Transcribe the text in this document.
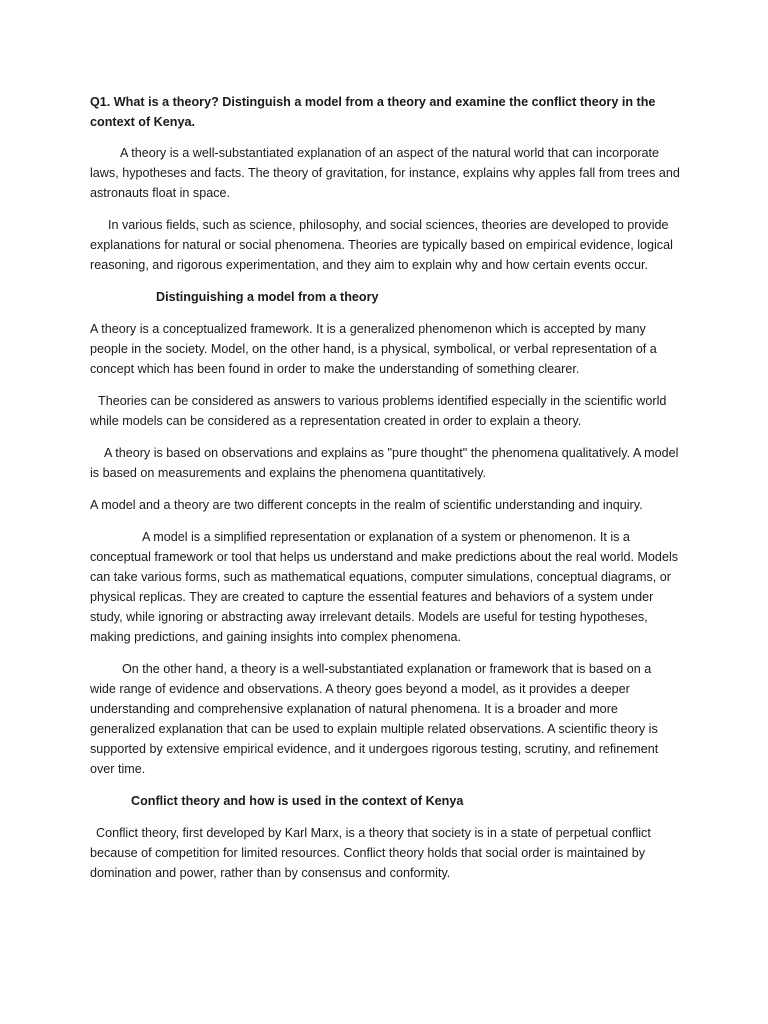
Q1. What is a theory? Distinguish a model from a theory and examine the conflict theory in the context of Kenya.

A theory is a well-substantiated explanation of an aspect of the natural world that can incorporate laws, hypotheses and facts. The theory of gravitation, for instance, explains why apples fall from trees and astronauts float in space.

In various fields, such as science, philosophy, and social sciences, theories are developed to provide explanations for natural or social phenomena. Theories are typically based on empirical evidence, logical reasoning, and rigorous experimentation, and they aim to explain why and how certain events occur.

Distinguishing a model from a theory

A theory is a conceptualized framework. It is a generalized phenomenon which is accepted by many people in the society. Model, on the other hand, is a physical, symbolical, or verbal representation of a concept which has been found in order to make the understanding of something clearer.

Theories can be considered as answers to various problems identified especially in the scientific world while models can be considered as a representation created in order to explain a theory.

A theory is based on observations and explains as "pure thought" the phenomena qualitatively. A model is based on measurements and explains the phenomena quantitatively.

A model and a theory are two different concepts in the realm of scientific understanding and inquiry.

A model is a simplified representation or explanation of a system or phenomenon. It is a conceptual framework or tool that helps us understand and make predictions about the real world. Models can take various forms, such as mathematical equations, computer simulations, conceptual diagrams, or physical replicas. They are created to capture the essential features and behaviors of a system under study, while ignoring or abstracting away irrelevant details. Models are useful for testing hypotheses, making predictions, and gaining insights into complex phenomena.

On the other hand, a theory is a well-substantiated explanation or framework that is based on a wide range of evidence and observations. A theory goes beyond a model, as it provides a deeper understanding and comprehensive explanation of natural phenomena. It is a broader and more generalized explanation that can be used to explain multiple related observations. A scientific theory is supported by extensive empirical evidence, and it undergoes rigorous testing, scrutiny, and refinement over time.

Conflict theory and how is used in the context of Kenya

Conflict theory, first developed by Karl Marx, is a theory that society is in a state of perpetual conflict because of competition for limited resources. Conflict theory holds that social order is maintained by domination and power, rather than by consensus and conformity.
